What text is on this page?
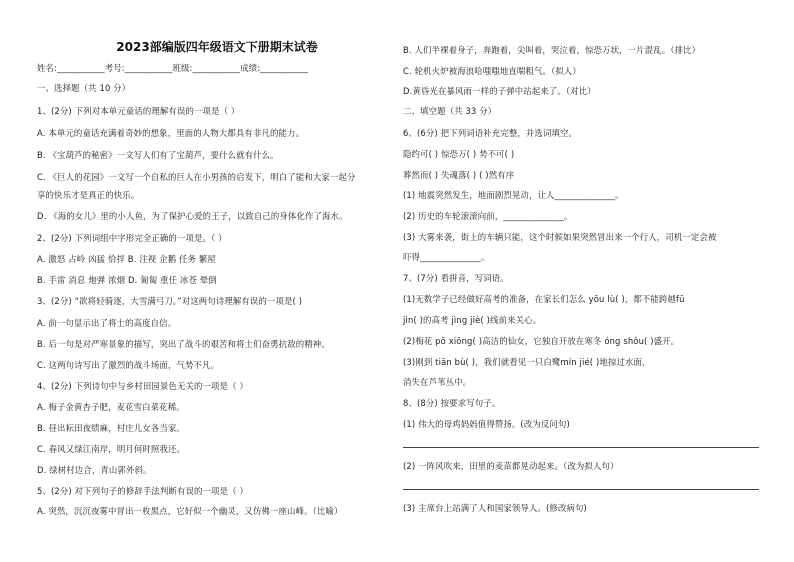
2023部编版四年级语文下册期末试卷
姓名:___________考号:___________班级:___________成绩:___________
一、选择题（共 10 分）
1、(2分) 下列对本单元童话的理解有误的一项是（ ）
A. 本单元的童话充满着奇妙的想象，里面的人物大都具有非凡的能力。
B. 《宝葫芦的秘密》一文写人们有了宝葫芦，要什么就有什么。
C. 《巨人的花园》一文写一个自私的巨人在小男孩的启发下，明白了能和大家一起分
享的快乐才是真正的快乐。
D. 《海的女儿》里的小人鱼，为了保护心爱的王子，以致自己的身体化作了海水。
2、(2分) 下列词组中字形完全正确的一项是。（ ）
A. 激怒 占岭 凶猛 恰拌 B. 注视 企鹅 任务 繁屋
B. 手雷 消息 炮弹 浓烟 D. 匍匐 重任 冰苍 晕倒
3、(2分) “欲将轻骑逐，大雪满弓刀。”对这两句诗理解有误的一项是( )
A. 前一句显示出了将士的高度自信。
B. 后一句是对严寒景象的描写，突出了战斗的艰苦和将士们奋勇抗敌的精神。
C. 这两句诗写出了激烈的战斗场面，气势不凡。
4、(2分) 下列诗句中与乡村田园景色无关的一项是（ ）
A. 梅子金黄杏子肥，麦花雪白菜花稀。
B. 昼出耘田夜绩麻，村庄儿女各当家。
C. 春风又绿江南岸，明月何时照我还。
D. 绿树村边合，青山郭外斜。
5、(2分) 对下列句子的修辞手法判断有误的一项是（ ）
A. 突然，沉沉夜雾中冒出一枚黑点，它好似一个幽灵，又仿佛一座山峰。（比喻）
B. 人们半裸着身子，奔跑着，尖叫着，哭泣着，惊恐万状，一片混乱。（排比）
C. 轮机火炉被海浪哈嗤嗤地直喘粗气。（拟人）
D.黄昏光在暴风雨一样的子弹中站起来了。（对比）
二、填空题（共 33 分）
6、(6分) 把下列词语补充完整，并选词填空。
隐约可( ) 惊恐万( ) 势不可( )
葬然而( ) 失魂落( ) ( )然有序
(1) 地震突然发生，地面剧烈晃动，让人______________。
(2) 历史的车轮滚滚向前，______________。
(3) 大雾来袭，街上的车辆只能，这个时候如果突然冒出来一个行人，司机一定会被
吓得______________。
7、(7分) 看拼音，写词语。
(1)无数学子已经做好高考的准备，在家长们怎么 yōu lù( )，都不能跨越fū
jìn( )的高考 jìng jiè( )线前来关心。
(2)梅花 pō xiōng( )高洁的仙女，它独自开放在寒冬 óng shǒu( )盛开。
(3)刚到 tiān bù( )，我们就看见一只白鹭mín jié( )地掠过水面，
消失在芦苇丛中。
8、(8分) 按要求写句子。
(1) 伟大的母鸡妈妈值得赞扬。(改为反问句)
(2) 一阵风吹来，田里的麦苗都晃动起来。（改为拟人句）
(3) 主席台上站满了人和国家领导人。(修改病句)
